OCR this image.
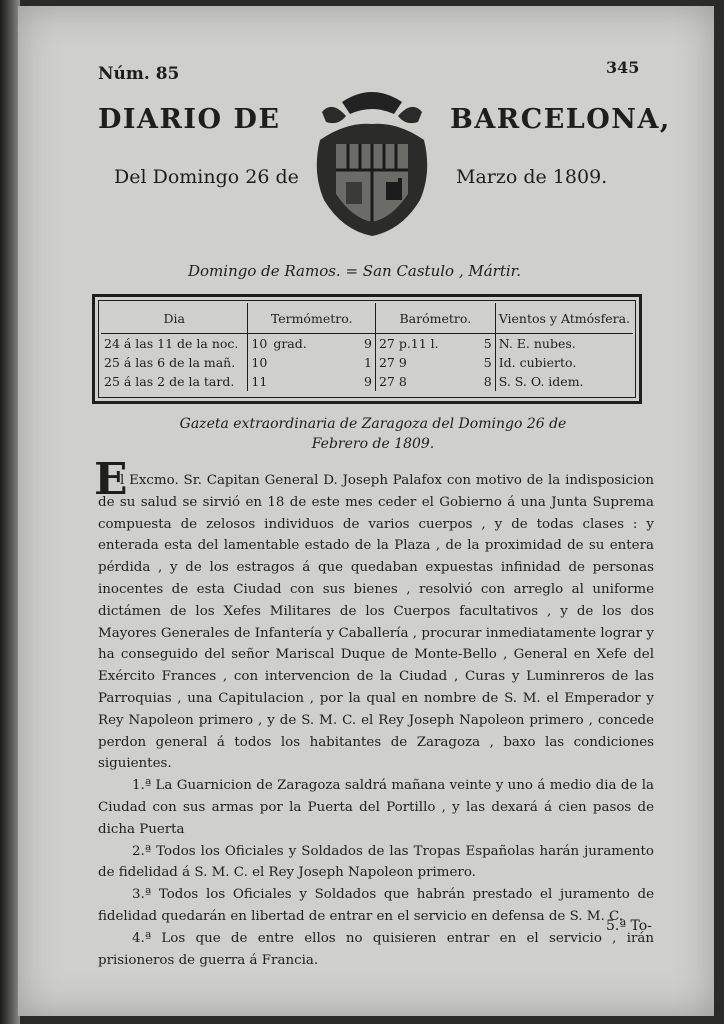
Núm. 85	345
DIARIO DE	BARCELONA,
Del Domingo 26 de	Marzo de 1809.
Domingo de Ramos. = San Castulo , Mártir.
Dia	Termómetro.			Barómetro.		Vientos y Atmósfera.
24 á las 11 de la noc.	10	grad.	9	27 p.11 l.	5	N. E. nubes.
25 á las 6 de la mañ.	10		1	27 9	5	Id. cubierto.
25 á las 2 de la tard.	11		9	27 8	8	S. S. O. idem.
Gazeta extraordinaria de Zaragoza del Domingo 26 de
Febrero de 1809.
E

l Excmo. Sr. Capitan General D. Joseph Palafox con motivo de la indisposicion de su salud se sirvió en 18 de este mes ceder el Gobierno á una Junta Suprema compuesta de zelosos individuos de varios cuerpos , y de todas clases : y enterada esta del lamentable estado de la Plaza , de la proximidad de su entera pérdida , y de los estragos á que quedaban expuestas infinidad de personas inocentes de esta Ciudad con sus bienes , resolvió con arreglo al uniforme dictámen de los Xefes Militares de los Cuerpos facultativos , y de los dos Mayores Generales de Infantería y Caballería , procurar inmediatamente lograr y ha conseguido del señor Mariscal Duque de Monte-Bello , General en Xefe del Exército Frances , con intervencion de la Ciudad , Curas y Luminreros de las Parroquias , una Capitulacion , por la qual en nombre de S. M. el Emperador y Rey Napoleon primero , y de S. M. C. el Rey Joseph Napoleon primero , concede perdon general á todos los habitantes de Zaragoza , baxo las condiciones siguientes.

1.ª La Guarnicion de Zaragoza saldrá mañana veinte y uno á medio dia de la Ciudad con sus armas por la Puerta del Portillo , y las dexará á cien pasos de dicha Puerta

2.ª Todos los Oficiales y Soldados de las Tropas Españolas harán juramento de fidelidad á S. M. C. el Rey Joseph Napoleon primero.

3.ª Todos los Oficiales y Soldados que habrán prestado el juramento de fidelidad quedarán en libertad de entrar en el servicio en defensa de S. M. C.

4.ª Los que de entre ellos no quisieren entrar en el servicio , irán prisioneros de guerra á Francia.

5.ª To-
